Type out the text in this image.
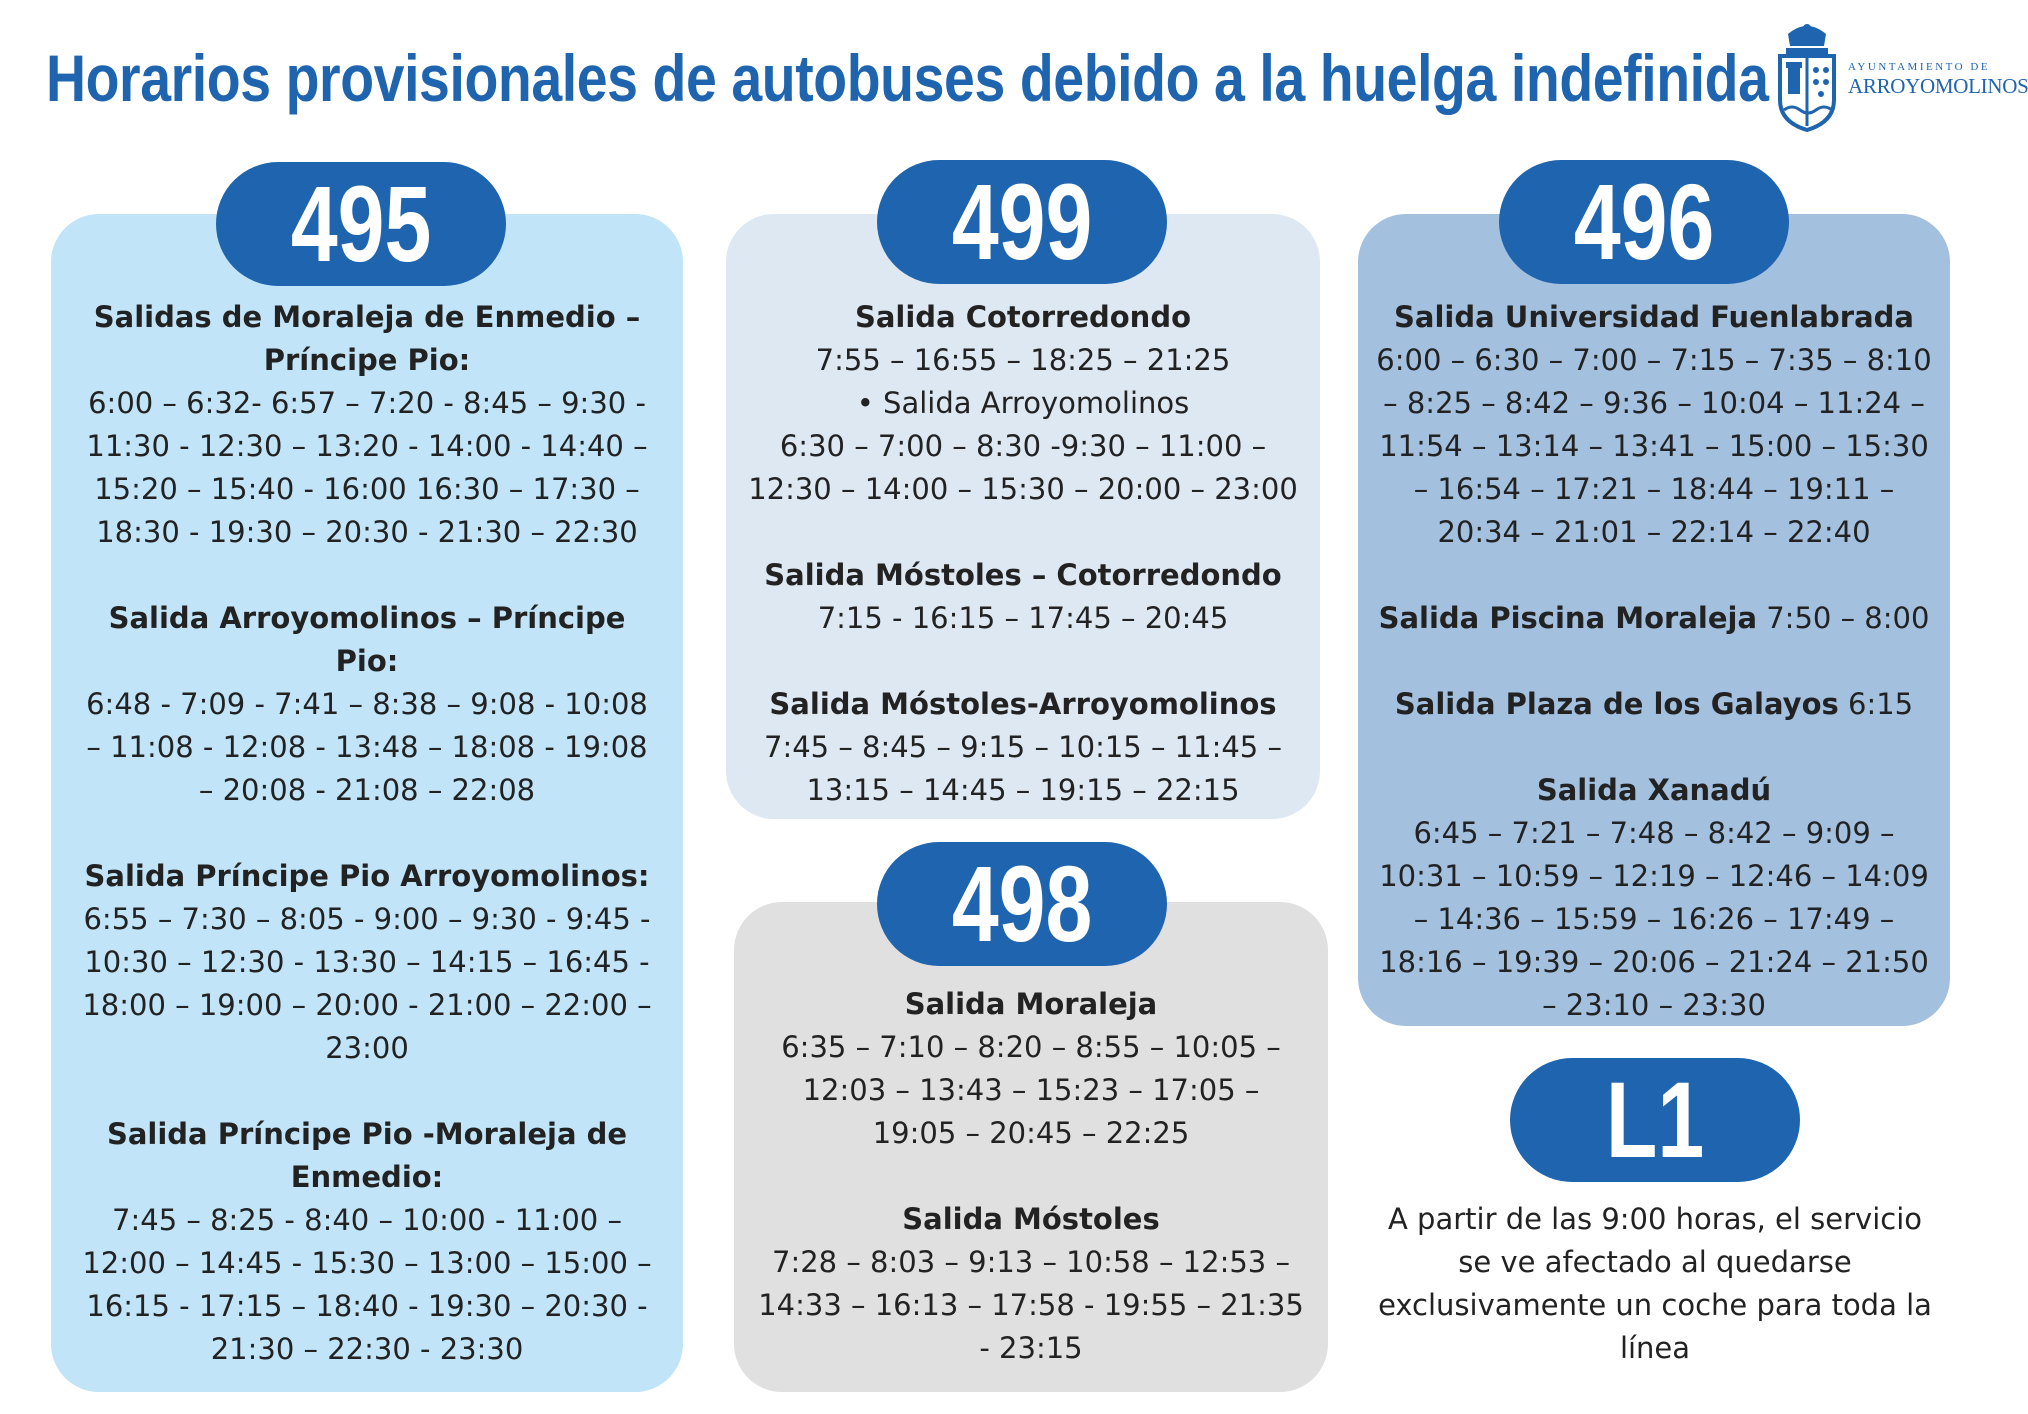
Horarios provisionales de autobuses debido a la huelga indefinida	AYUNTAMIENTO DE
ARROYOMOLINOS
495
Salidas de Moraleja de Enmedio – Príncipe Pio:
6:00 – 6:32- 6:57 – 7:20 - 8:45 – 9:30 - 11:30 - 12:30 – 13:20 - 14:00 - 14:40 – 15:20 – 15:40 - 16:00 16:30 – 17:30 – 18:30 - 19:30 – 20:30 - 21:30 – 22:30
Salida Arroyomolinos – Príncipe Pio:
6:48 - 7:09 - 7:41 – 8:38 – 9:08 - 10:08 – 11:08 - 12:08 - 13:48 – 18:08 - 19:08 – 20:08 - 21:08 – 22:08
Salida Príncipe Pio Arroyomolinos:
6:55 – 7:30 – 8:05 - 9:00 – 9:30 - 9:45 - 10:30 – 12:30 - 13:30 – 14:15 – 16:45 - 18:00 – 19:00 – 20:00 - 21:00 – 22:00 – 23:00
Salida Príncipe Pio -Moraleja de Enmedio:
7:45 – 8:25 - 8:40 – 10:00 - 11:00 – 12:00 – 14:45 - 15:30 – 13:00 – 15:00 – 16:15 - 17:15 – 18:40 - 19:30 – 20:30 - 21:30 – 22:30 - 23:30
499
Salida Cotorredondo
7:55 – 16:55 – 18:25 – 21:25
• Salida Arroyomolinos
6:30 – 7:00 – 8:30 -9:30 – 11:00 – 12:30 – 14:00 – 15:30 – 20:00 – 23:00
Salida Móstoles – Cotorredondo
7:15 - 16:15 – 17:45 – 20:45
Salida Móstoles-Arroyomolinos
7:45 – 8:45 – 9:15 – 10:15 – 11:45 – 13:15 – 14:45 – 19:15 – 22:15
498
Salida Moraleja
6:35 – 7:10 – 8:20 – 8:55 – 10:05 – 12:03 – 13:43 – 15:23 – 17:05 – 19:05 – 20:45 – 22:25
Salida Móstoles
7:28 – 8:03 – 9:13 – 10:58 – 12:53 – 14:33 – 16:13 – 17:58 - 19:55 – 21:35 - 23:15
496
Salida Universidad Fuenlabrada
6:00 – 6:30 – 7:00 – 7:15 – 7:35 – 8:10 – 8:25 – 8:42 – 9:36 – 10:04 – 11:24 – 11:54 – 13:14 – 13:41 – 15:00 – 15:30 – 16:54 – 17:21 – 18:44 – 19:11 – 20:34 – 21:01 – 22:14 – 22:40
Salida Piscina Moraleja 7:50 – 8:00
Salida Plaza de los Galayos 6:15
Salida Xanadú
6:45 – 7:21 – 7:48 – 8:42 – 9:09 – 10:31 – 10:59 – 12:19 – 12:46 – 14:09 – 14:36 – 15:59 – 16:26 – 17:49 – 18:16 – 19:39 – 20:06 – 21:24 – 21:50 – 23:10 – 23:30
L1
A partir de las 9:00 horas, el servicio se ve afectado al quedarse exclusivamente un coche para toda la línea
